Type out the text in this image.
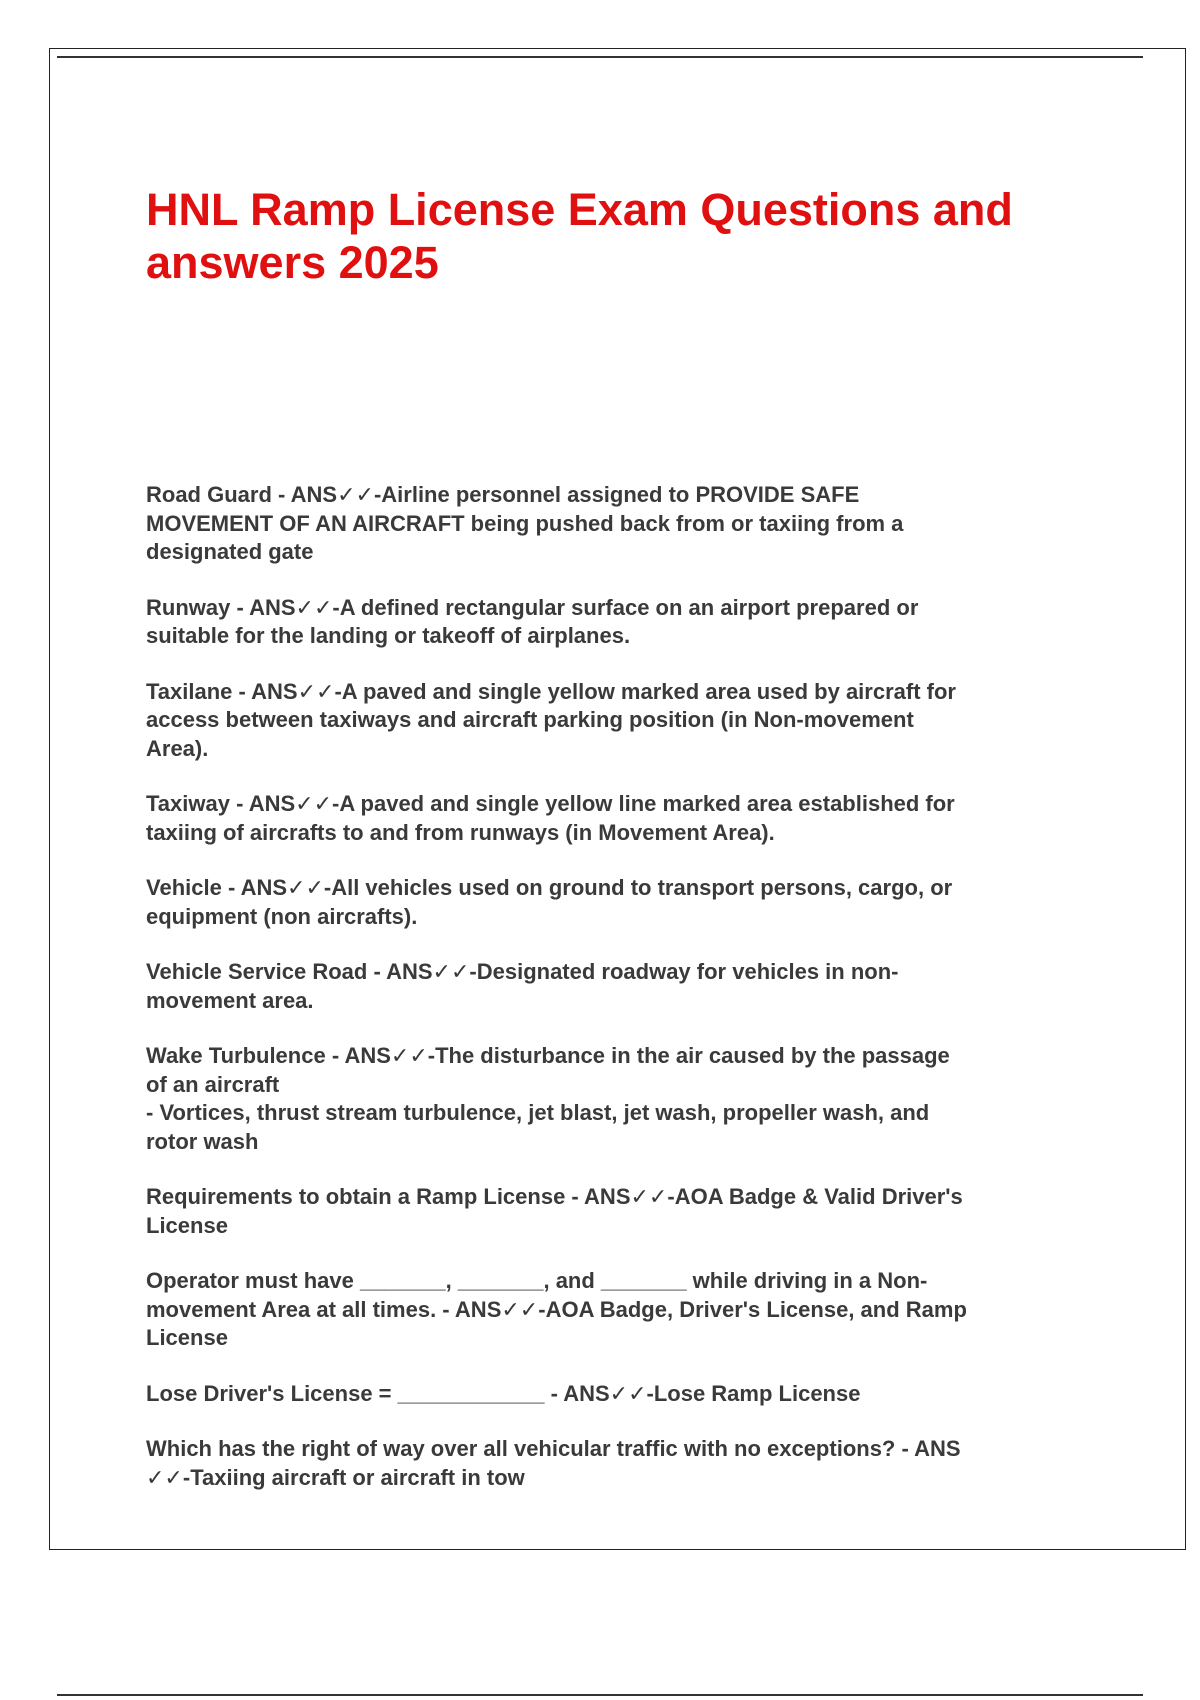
HNL Ramp License Exam Questions and
answers 2025
Road Guard - ANS✓✓-Airline personnel assigned to PROVIDE SAFE
MOVEMENT OF AN AIRCRAFT being pushed back from or taxiing from a
designated gate
Runway - ANS✓✓-A defined rectangular surface on an airport prepared or
suitable for the landing or takeoff of airplanes.
Taxilane - ANS✓✓-A paved and single yellow marked area used by aircraft for
access between taxiways and aircraft parking position (in Non-movement
Area).
Taxiway - ANS✓✓-A paved and single yellow line marked area established for
taxiing of aircrafts to and from runways (in Movement Area).
Vehicle - ANS✓✓-All vehicles used on ground to transport persons, cargo, or
equipment (non aircrafts).
Vehicle Service Road - ANS✓✓-Designated roadway for vehicles in non-
movement area.
Wake Turbulence - ANS✓✓-The disturbance in the air caused by the passage
of an aircraft
- Vortices, thrust stream turbulence, jet blast, jet wash, propeller wash, and
rotor wash
Requirements to obtain a Ramp License - ANS✓✓-AOA Badge & Valid Driver's
License
Operator must have _______, _______, and _______ while driving in a Non-
movement Area at all times. - ANS✓✓-AOA Badge, Driver's License, and Ramp
License
Lose Driver's License = ____________ - ANS✓✓-Lose Ramp License
Which has the right of way over all vehicular traffic with no exceptions? - ANS
✓✓-Taxiing aircraft or aircraft in tow
